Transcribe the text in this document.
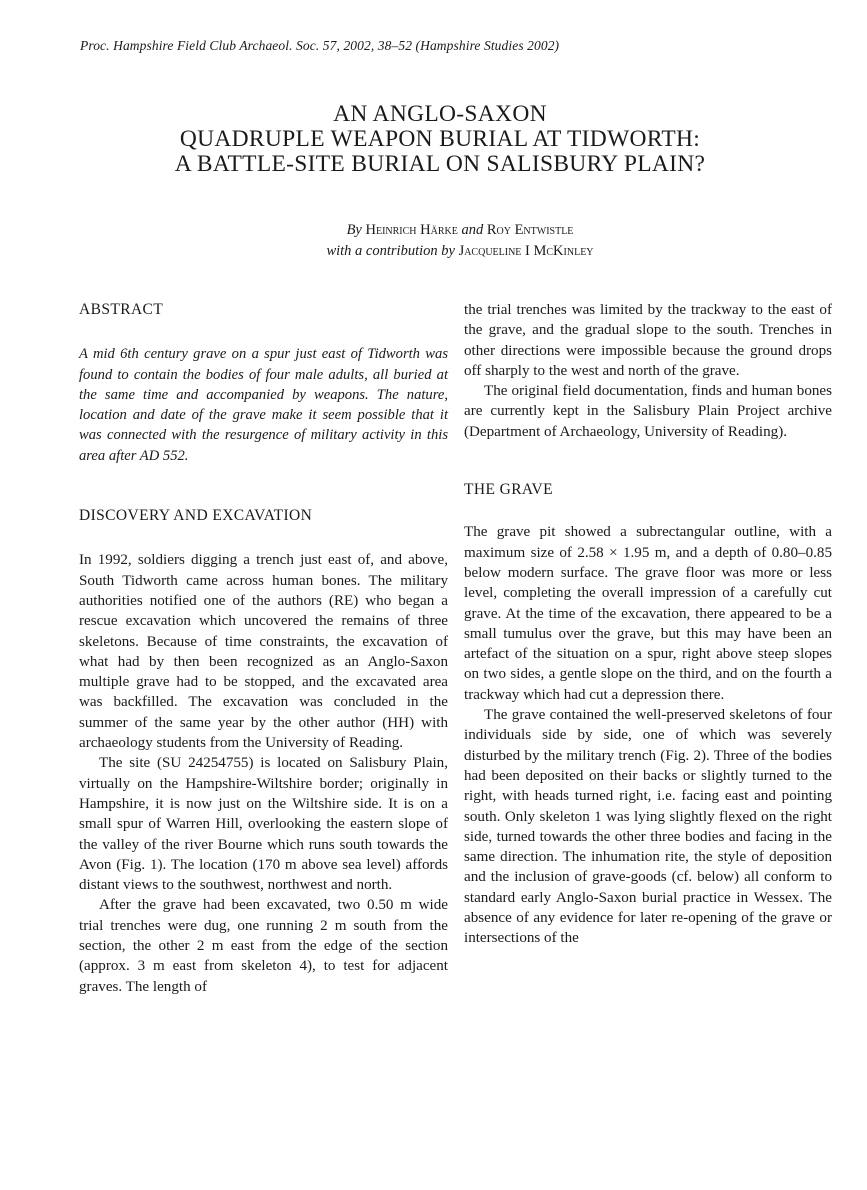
Proc. Hampshire Field Club Archaeol. Soc. 57, 2002, 38–52 (Hampshire Studies 2002)
AN ANGLO-SAXON
QUADRUPLE WEAPON BURIAL AT TIDWORTH:
A BATTLE-SITE BURIAL ON SALISBURY PLAIN?
By Heinrich Härke and Roy Entwistle
with a contribution by Jacqueline I McKinley
ABSTRACT

A mid 6th century grave on a spur just east of Tidworth was found to contain the bodies of four male adults, all buried at the same time and accompanied by weapons. The nature, location and date of the grave make it seem possible that it was connected with the resurgence of military activity in this area after AD 552.

DISCOVERY AND EXCAVATION

In 1992, soldiers digging a trench just east of, and above, South Tidworth came across human bones. The military authorities notified one of the authors (RE) who began a rescue excavation which uncovered the remains of three skeletons. Because of time constraints, the excavation of what had by then been recognized as an Anglo-Saxon multiple grave had to be stopped, and the excavated area was backfilled. The excavation was concluded in the summer of the same year by the other author (HH) with archaeology students from the University of Reading.

The site (SU 24254755) is located on Salisbury Plain, virtually on the Hampshire-Wiltshire border; originally in Hampshire, it is now just on the Wiltshire side. It is on a small spur of Warren Hill, overlooking the eastern slope of the valley of the river Bourne which runs south towards the Avon (Fig. 1). The location (170 m above sea level) affords distant views to the southwest, northwest and north.

After the grave had been excavated, two 0.50 m wide trial trenches were dug, one running 2 m south from the section, the other 2 m east from the edge of the section (approx. 3 m east from skeleton 4), to test for adjacent graves. The length of

the trial trenches was limited by the trackway to the east of the grave, and the gradual slope to the south. Trenches in other directions were impossible because the ground drops off sharply to the west and north of the grave.

The original field documentation, finds and human bones are currently kept in the Salisbury Plain Project archive (Department of Archaeology, University of Reading).

THE GRAVE

The grave pit showed a subrectangular outline, with a maximum size of 2.58 × 1.95 m, and a depth of 0.80–0.85 below modern surface. The grave floor was more or less level, completing the overall impression of a carefully cut grave. At the time of the excavation, there appeared to be a small tumulus over the grave, but this may have been an artefact of the situation on a spur, right above steep slopes on two sides, a gentle slope on the third, and on the fourth a trackway which had cut a depression there.

The grave contained the well-preserved skeletons of four individuals side by side, one of which was severely disturbed by the military trench (Fig. 2). Three of the bodies had been deposited on their backs or slightly turned to the right, with heads turned right, i.e. facing east and pointing south. Only skeleton 1 was lying slightly flexed on the right side, turned towards the other three bodies and facing in the same direction. The inhumation rite, the style of deposition and the inclusion of grave-goods (cf. below) all conform to standard early Anglo-Saxon burial practice in Wessex. The absence of any evidence for later re-opening of the grave or intersections of the
